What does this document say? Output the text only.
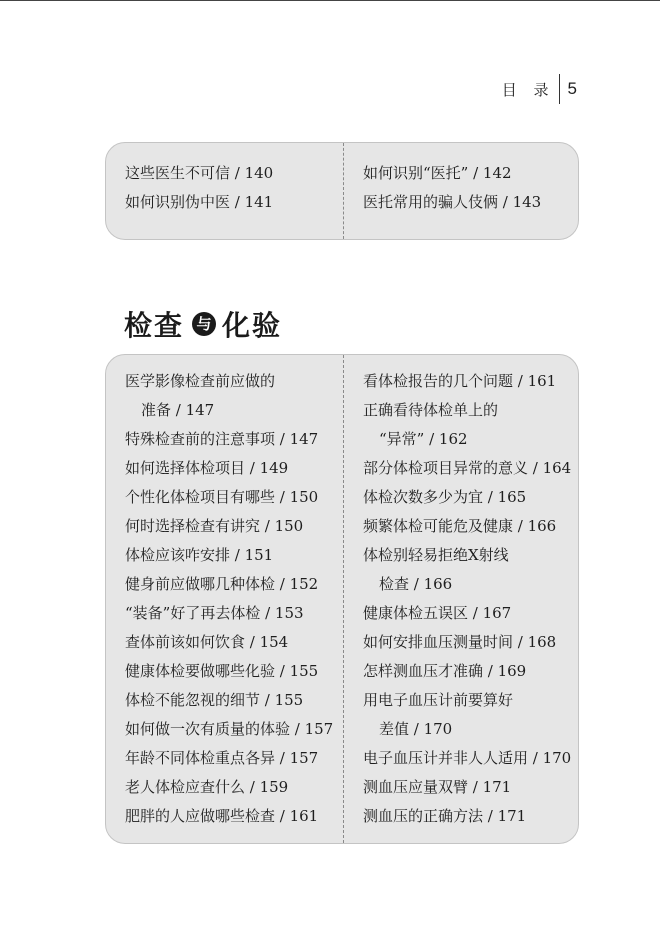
目 录 5
这些医生不可信 / 140
如何识别伪中医 / 141
如何识别“医托” / 142
医托常用的骗人伎俩 / 143
检查 与 化验
医学影像检查前应做的
准备 / 147
特殊检查前的注意事项 / 147
如何选择体检项目 / 149
个性化体检项目有哪些 / 150
何时选择检查有讲究 / 150
体检应该咋安排 / 151
健身前应做哪几种体检 / 152
“装备”好了再去体检 / 153
查体前该如何饮食 / 154
健康体检要做哪些化验 / 155
体检不能忽视的细节 / 155
如何做一次有质量的体验 / 157
年龄不同体检重点各异 / 157
老人体检应查什么 / 159
肥胖的人应做哪些检查 / 161
看体检报告的几个问题 / 161
正确看待体检单上的
“异常” / 162
部分体检项目异常的意义 / 164
体检次数多少为宜 / 165
频繁体检可能危及健康 / 166
体检别轻易拒绝X射线
检查 / 166
健康体检五误区 / 167
如何安排血压测量时间 / 168
怎样测血压才准确 / 169
用电子血压计前要算好
差值 / 170
电子血压计并非人人适用 / 170
测血压应量双臂 / 171
测血压的正确方法 / 171
